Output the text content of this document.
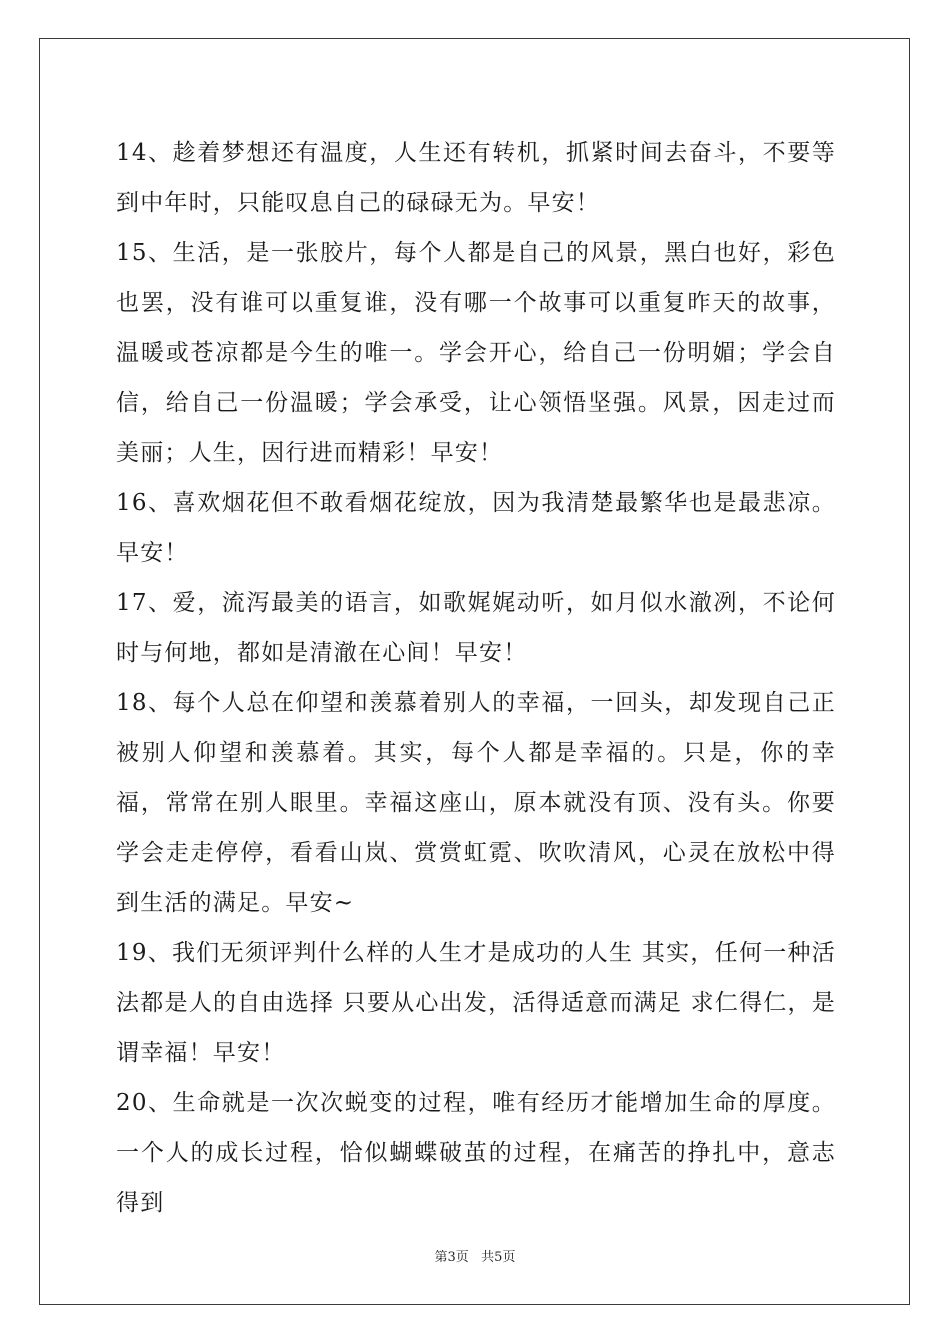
14、趁着梦想还有温度，人生还有转机，抓紧时间去奋斗，不要等到中年时，只能叹息自己的碌碌无为。早安！

15、生活，是一张胶片，每个人都是自己的风景，黑白也好，彩色也罢，没有谁可以重复谁，没有哪一个故事可以重复昨天的故事，温暖或苍凉都是今生的唯一。学会开心，给自己一份明媚；学会自信，给自己一份温暖；学会承受，让心领悟坚强。风景，因走过而美丽；人生，因行进而精彩！早安！

16、喜欢烟花但不敢看烟花绽放，因为我清楚最繁华也是最悲凉。早安！

17、爱，流泻最美的语言，如歌娓娓动听，如月似水澈冽，不论何时与何地，都如是清澈在心间！早安！

18、每个人总在仰望和羡慕着别人的幸福，一回头，却发现自己正被别人仰望和羡慕着。其实，每个人都是幸福的。只是，你的幸福，常常在别人眼里。幸福这座山，原本就没有顶、没有头。你要学会走走停停，看看山岚、赏赏虹霓、吹吹清风，心灵在放松中得到生活的满足。早安~

19、我们无须评判什么样的人生才是成功的人生 其实，任何一种活法都是人的自由选择 只要从心出发，活得适意而满足 求仁得仁，是谓幸福！早安！

20、生命就是一次次蜕变的过程，唯有经历才能增加生命的厚度。一个人的成长过程，恰似蝴蝶破茧的过程，在痛苦的挣扎中，意志得到

第3页   共5页
